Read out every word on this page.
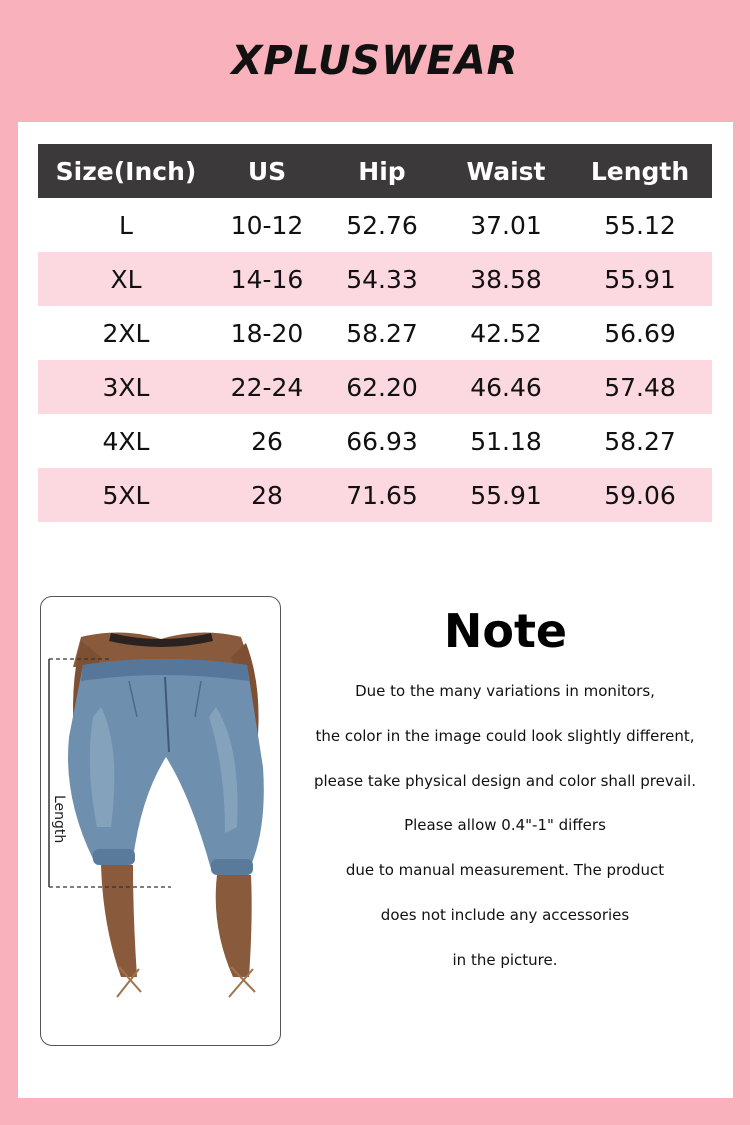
XPLUSWEAR
Size(Inch)	US	Hip	Waist	Length
L	10-12	52.76	37.01	55.12
XL	14-16	54.33	38.58	55.91
2XL	18-20	58.27	42.52	56.69
3XL	22-24	62.20	46.46	57.48
4XL	26	66.93	51.18	58.27
5XL	28	71.65	55.91	59.06
Length
Note
Due to the many variations in monitors,
the color in the image could look slightly different,
please take physical design and color shall prevail.
Please allow 0.4"-1" differs
due to manual measurement. The product
does not include any accessories
in the picture.
